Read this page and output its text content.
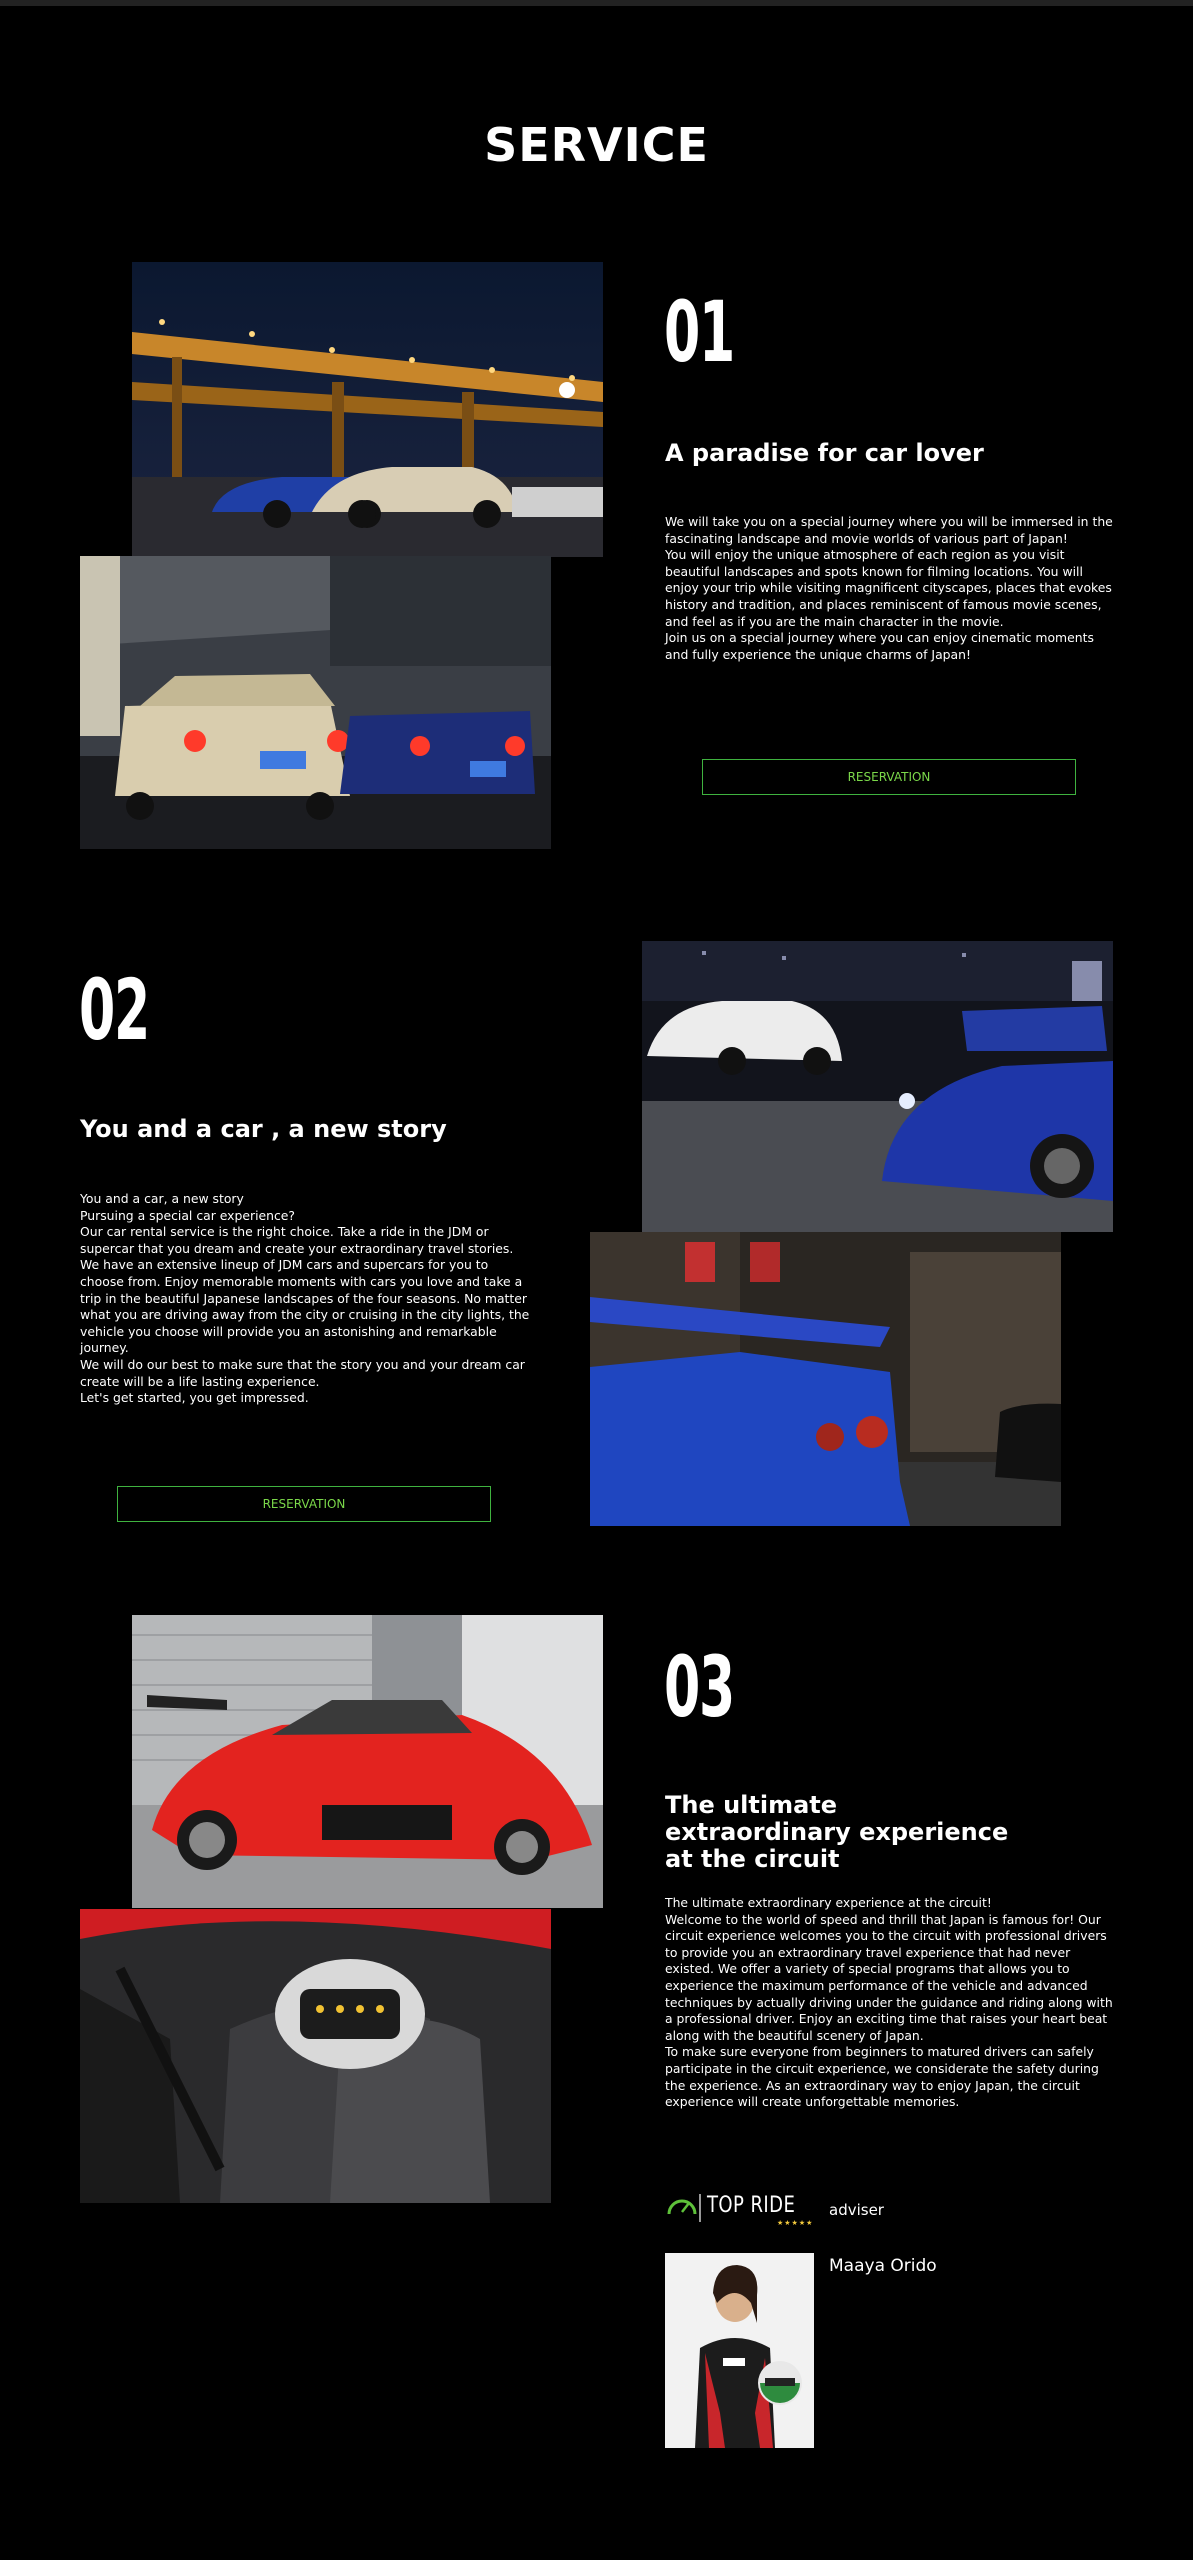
SERVICE
01
A paradise for car lover

We will take you on a special journey where you will be immersed in the fascinating landscape and movie worlds of various part of Japan!

You will enjoy the unique atmosphere of each region as you visit beautiful landscapes and spots known for filming locations. You will enjoy your trip while visiting magnificent cityscapes, places that evokes history and tradition, and places reminiscent of famous movie scenes, and feel as if you are the main character in the movie.

Join us on a special journey where you can enjoy cinematic moments and fully experience the unique charms of Japan!

RESERVATION
02
You and a car , a new story

You and a car, a new story

Pursuing a special car experience?

Our car rental service is the right choice. Take a ride in the JDM or supercar that you dream and create your extraordinary travel stories.

We have an extensive lineup of JDM cars and supercars for you to choose from. Enjoy memorable moments with cars you love and take a trip in the beautiful Japanese landscapes of the four seasons. No matter what you are driving away from the city or cruising in the city lights, the vehicle you choose will provide you an astonishing and remarkable journey.

We will do our best to make sure that the story you and your dream car create will be a life lasting experience.

Let's get started, you get impressed.

RESERVATION
03
The ultimate extraordinary experience at the circuit

The ultimate extraordinary experience at the circuit!

Welcome to the world of speed and thrill that Japan is famous for! Our circuit experience welcomes you to the circuit with professional drivers to provide you an extraordinary travel experience that had never existed. We offer a variety of special programs that allows you to experience the maximum performance of the vehicle and advanced techniques by actually driving under the guidance and riding along with a professional driver. Enjoy an exciting time that raises your heart beat along with the beautiful scenery of Japan.

To make sure everyone from beginners to matured drivers can safely participate in the circuit experience, we considerate the safety during the experience. As an extraordinary way to enjoy Japan, the circuit experience will create unforgettable memories.

TOP RIDE
★★★★★
adviser
Maaya Orido
